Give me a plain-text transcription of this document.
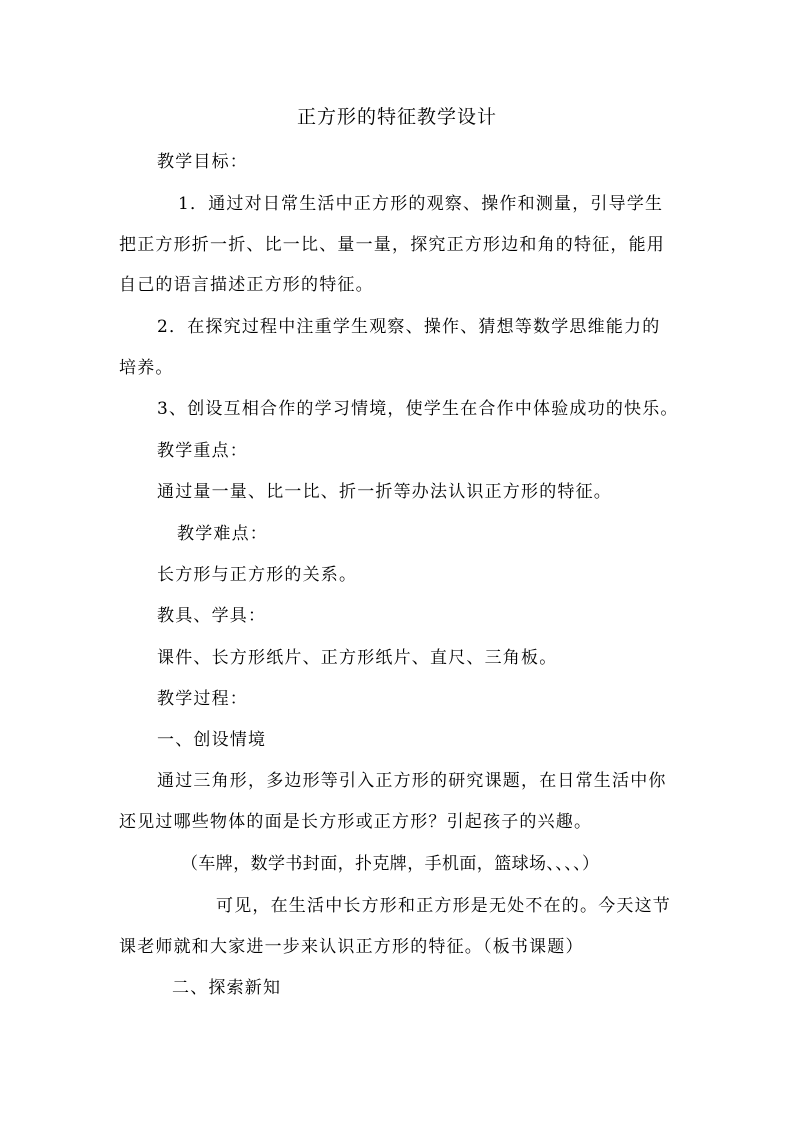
正方形的特征教学设计
教学目标：
1．通过对日常生活中正方形的观察、操作和测量，引导学生
把正方形折一折、比一比、量一量，探究正方形边和角的特征，能用
自己的语言描述正方形的特征。
2．在探究过程中注重学生观察、操作、猜想等数学思维能力的
培养。
3、创设互相合作的学习情境，使学生在合作中体验成功的快乐。
教学重点：
通过量一量、比一比、折一折等办法认识正方形的特征。
教学难点：
长方形与正方形的关系。
教具、学具：
课件、长方形纸片、正方形纸片、直尺、三角板。
教学过程：
一、创设情境
通过三角形，多边形等引入正方形的研究课题，在日常生活中你
还见过哪些物体的面是长方形或正方形？引起孩子的兴趣。
（车牌，数学书封面，扑克牌，手机面，篮球场、、、、）
可见，在生活中长方形和正方形是无处不在的。今天这节
课老师就和大家进一步来认识正方形的特征。（板书课题）
二、探索新知
